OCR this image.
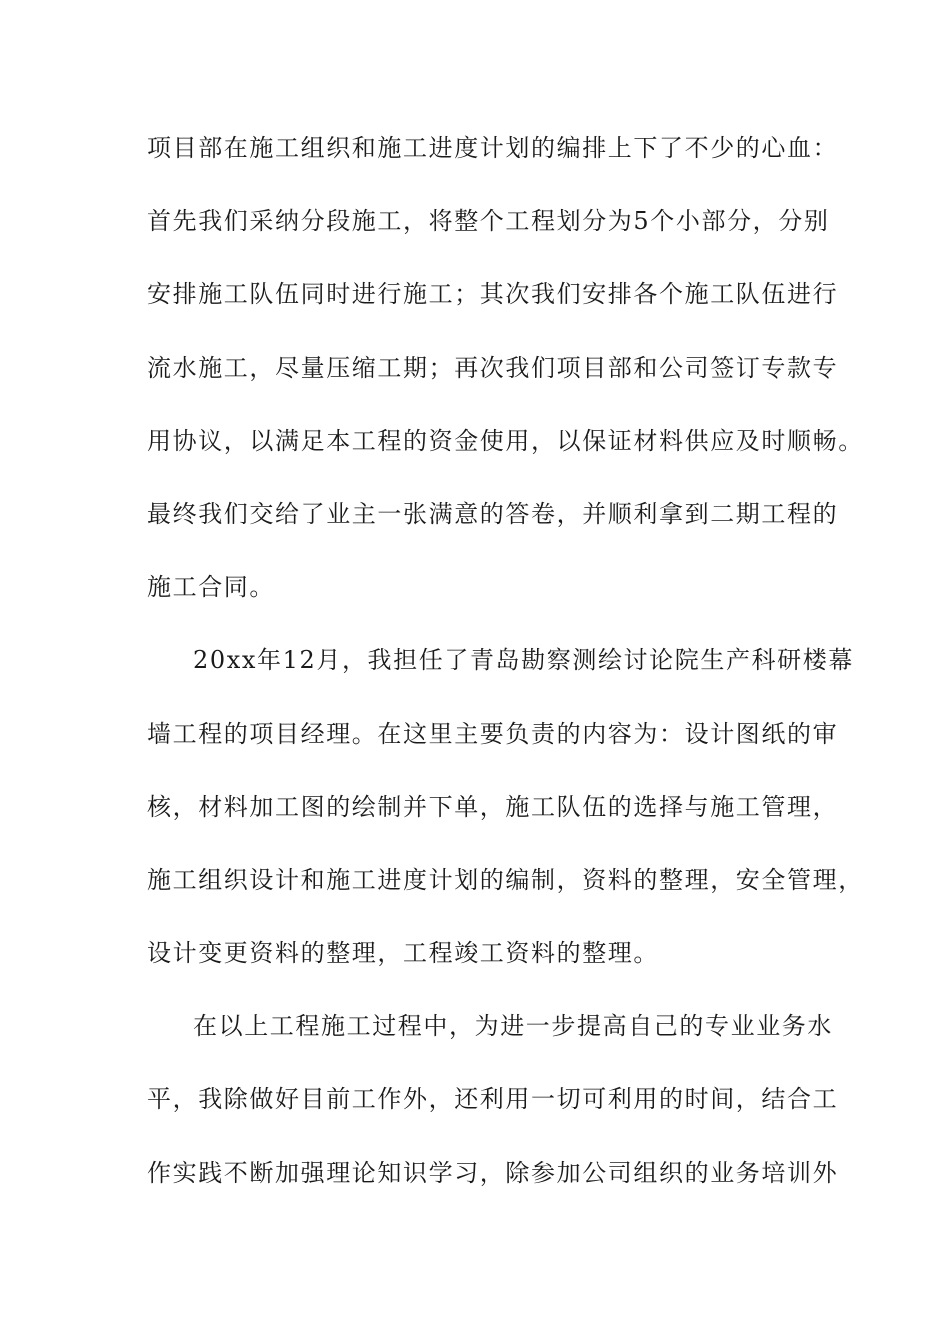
项目部在施工组织和施工进度计划的编排上下了不少的心血：
首先我们采纳分段施工，将整个工程划分为5个小部分，分别
安排施工队伍同时进行施工；其次我们安排各个施工队伍进行
流水施工，尽量压缩工期；再次我们项目部和公司签订专款专
用协议，以满足本工程的资金使用，以保证材料供应及时顺畅。
最终我们交给了业主一张满意的答卷，并顺利拿到二期工程的
施工合同。
20xx年12月，我担任了青岛勘察测绘讨论院生产科研楼幕
墙工程的项目经理。在这里主要负责的内容为：设计图纸的审
核，材料加工图的绘制并下单，施工队伍的选择与施工管理，
施工组织设计和施工进度计划的编制，资料的整理，安全管理，
设计变更资料的整理，工程竣工资料的整理。
在以上工程施工过程中，为进一步提高自己的专业业务水
平，我除做好目前工作外，还利用一切可利用的时间，结合工
作实践不断加强理论知识学习，除参加公司组织的业务培训外
